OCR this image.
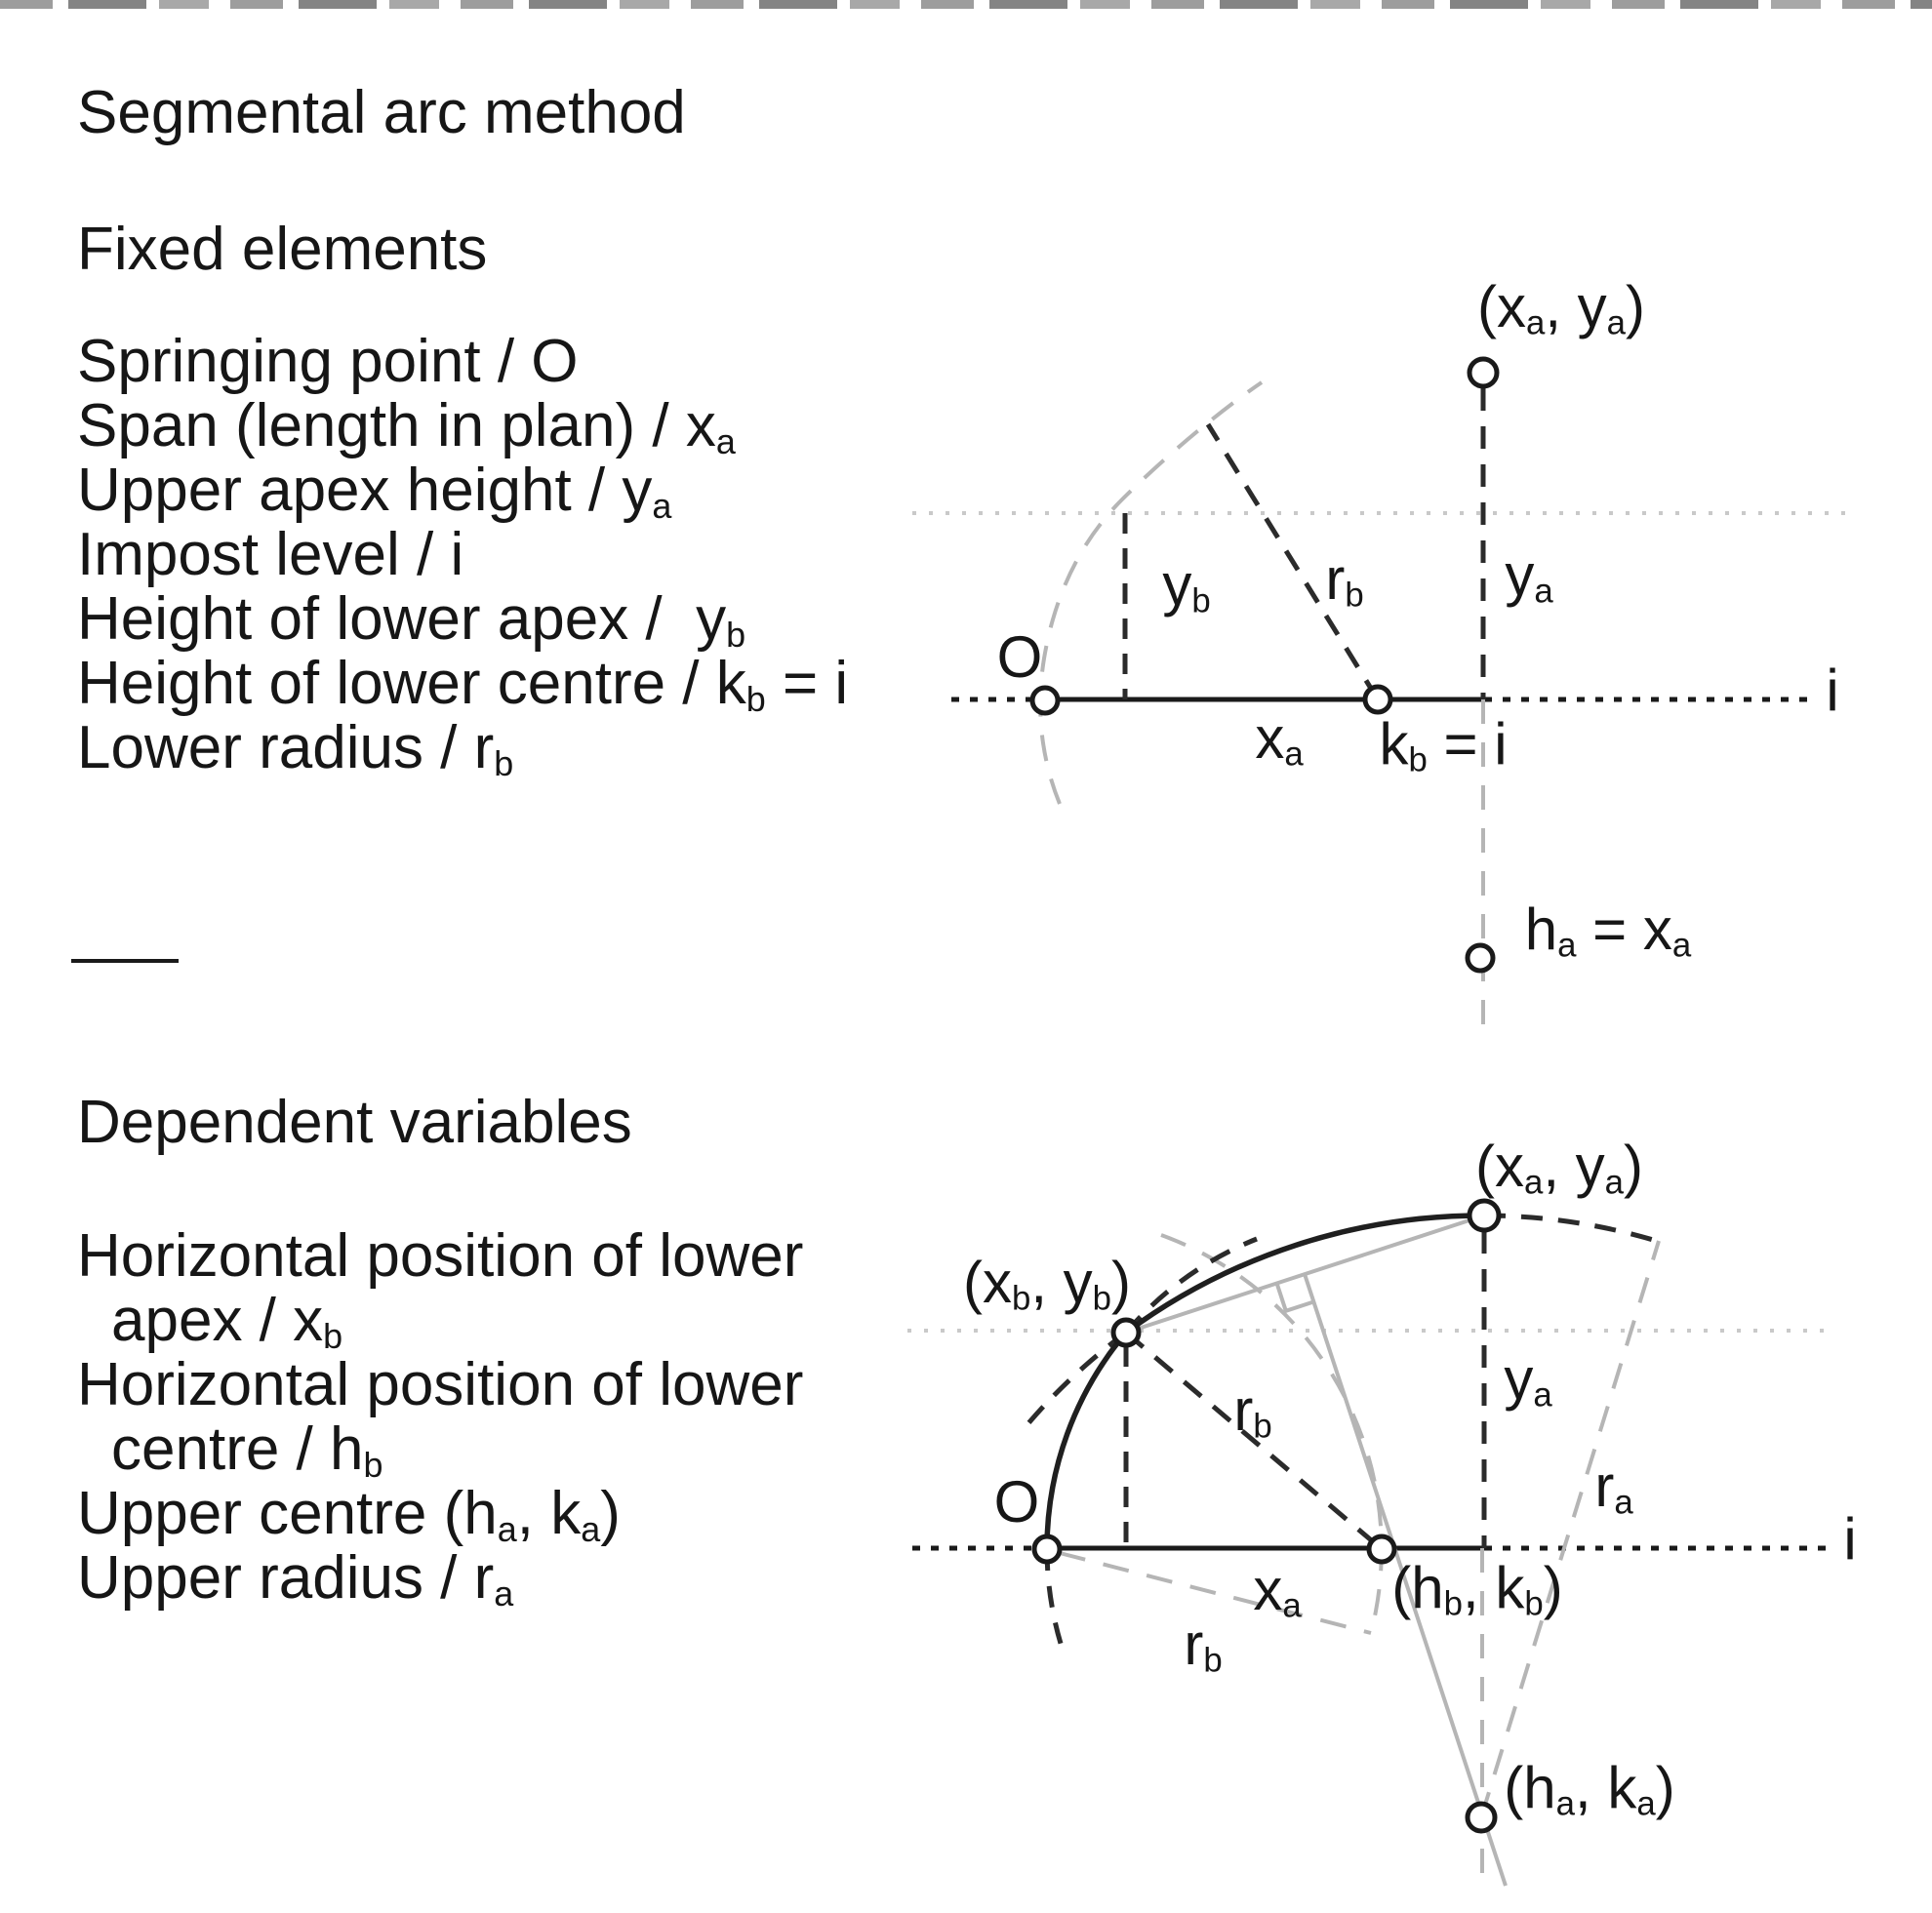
Segmental arc method
Fixed elements
Springing point / O
Span (length in plan) / $x_a$
Upper apex height / $y_a$
Impost level / i
Height of lower apex /  $y_b$
Height of lower centre / $k_b = i$
Lower radius / $r_b$
Dependent variables
Horizontal position of lower
apex / $x_b$
Horizontal position of lower
centre / $h_b$
Upper centre ($h_a$, $k_a$)
Upper radius / $r_a$
($x_a$, $y_a$)
O
$y_b$ $r_b$ $y_a$
$x_a$ $k_b = i$
i
$h_a = x_a$
($x_a$, $y_a$)
($x_b$, $y_b$)
O
$r_b$
$y_a$
$r_a$
$x_a$ ($h_b$, $k_b$)
$r_b$
i
($h_a$, $k_a$)
